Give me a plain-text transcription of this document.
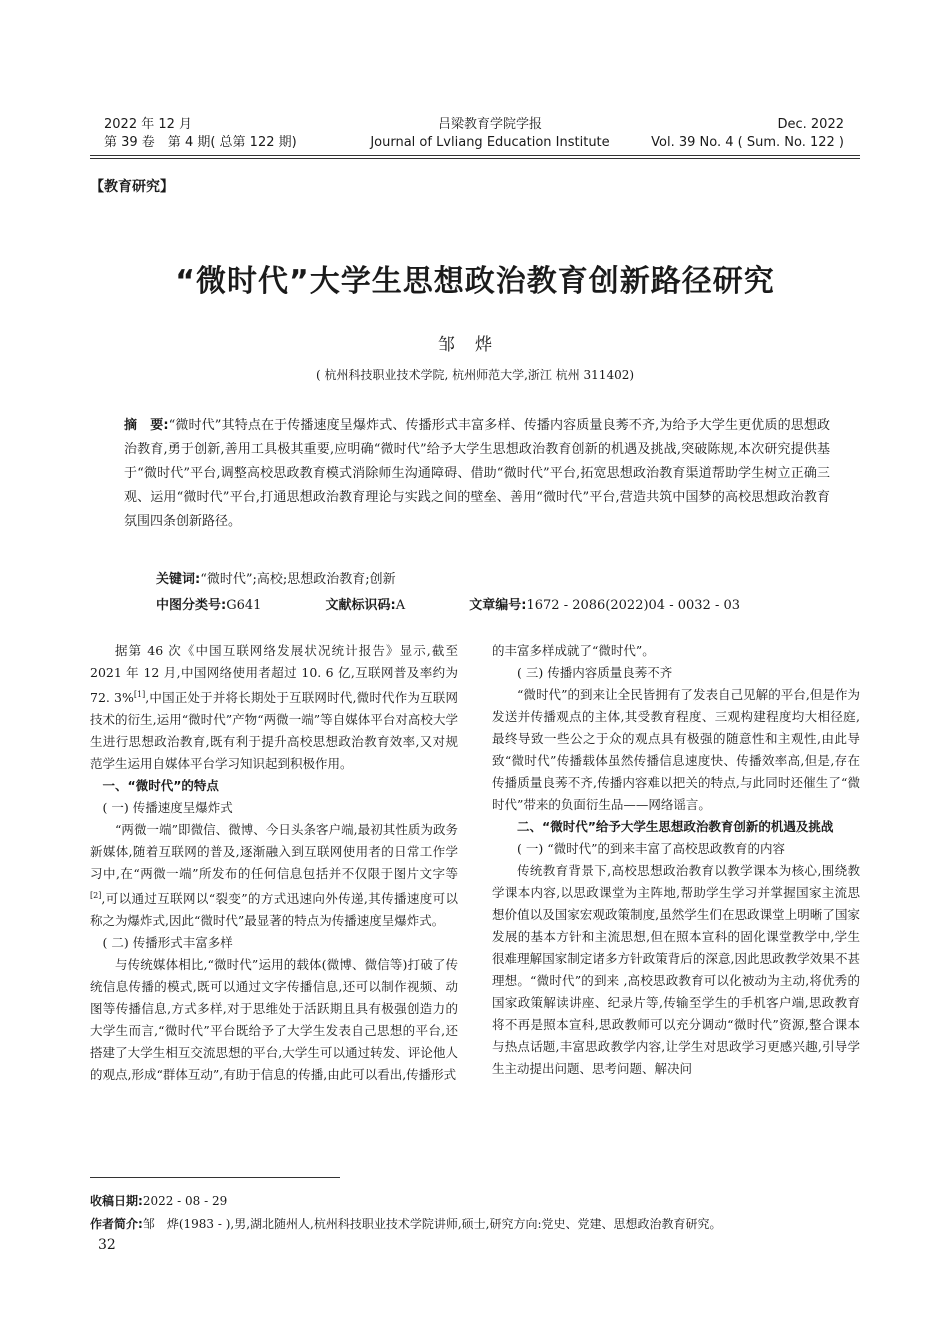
2022 年 12 月
第 39 卷　第 4 期( 总第 122 期)
吕梁教育学院学报
Journal of Lvliang Education Institute
Dec. 2022
Vol. 39 No. 4 ( Sum. No. 122 )
【教育研究】
“微时代”大学生思想政治教育创新路径研究
邹烨
( 杭州科技职业技术学院, 杭州师范大学,浙江 杭州 311402)
摘　要:“微时代”其特点在于传播速度呈爆炸式、传播形式丰富多样、传播内容质量良莠不齐,为给予大学生更优质的思想政治教育,勇于创新,善用工具极其重要,应明确“微时代”给予大学生思想政治教育创新的机遇及挑战,突破陈规,本次研究提供基于“微时代”平台,调整高校思政教育模式消除师生沟通障碍、借助“微时代”平台,拓宽思想政治教育渠道帮助学生树立正确三观、运用“微时代”平台,打通思想政治教育理论与实践之间的壁垒、善用“微时代”平台,营造共筑中国梦的高校思想政治教育氛围四条创新路径。
关键词:“微时代”;高校;思想政治教育;创新
中图分类号:G641	文献标识码:A	文章编号:1672 - 2086(2022)04 - 0032 - 03

据第 46 次《中国互联网络发展状况统计报告》显示,截至 2021 年 12 月,中国网络使用者超过 10. 6 亿,互联网普及率约为 72. 3%[1],中国正处于并将长期处于互联网时代,微时代作为互联网技术的衍生,运用“微时代”产物“两微一端”等自媒体平台对高校大学生进行思想政治教育,既有利于提升高校思想政治教育效率,又对规范学生运用自媒体平台学习知识起到积极作用。

一、“微时代”的特点

( 一) 传播速度呈爆炸式

“两微一端”即微信、微博、今日头条客户端,最初其性质为政务新媒体,随着互联网的普及,逐渐融入到互联网使用者的日常工作学习中,在“两微一端”所发布的任何信息包括并不仅限于图片文字等[2],可以通过互联网以“裂变”的方式迅速向外传递,其传播速度可以称之为爆炸式,因此“微时代”最显著的特点为传播速度呈爆炸式。

( 二) 传播形式丰富多样

与传统媒体相比,“微时代”运用的载体(微博、微信等)打破了传统信息传播的模式,既可以通过文字传播信息,还可以制作视频、动图等传播信息,方式多样,对于思维处于活跃期且具有极强创造力的大学生而言,“微时代”平台既给予了大学生发表自己思想的平台,还搭建了大学生相互交流思想的平台,大学生可以通过转发、评论他人的观点,形成“群体互动”,有助于信息的传播,由此可以看出,传播形式

的丰富多样成就了“微时代”。

( 三) 传播内容质量良莠不齐

“微时代”的到来让全民皆拥有了发表自己见解的平台,但是作为发送并传播观点的主体,其受教育程度、三观构建程度均大相径庭,最终导致一些公之于众的观点具有极强的随意性和主观性,由此导致“微时代”传播载体虽然传播信息速度快、传播效率高,但是,存在传播质量良莠不齐,传播内容难以把关的特点,与此同时还催生了“微时代”带来的负面衍生品——网络谣言。

二、“微时代”给予大学生思想政治教育创新的机遇及挑战

( 一) “微时代”的到来丰富了高校思政教育的内容

传统教育背景下,高校思想政治教育以教学课本为核心,围绕教学课本内容,以思政课堂为主阵地,帮助学生学习并掌握国家主流思想价值以及国家宏观政策制度,虽然学生们在思政课堂上明晰了国家发展的基本方针和主流思想,但在照本宣科的固化课堂教学中,学生很难理解国家制定诸多方针政策背后的深意,因此思政教学效果不甚理想。“微时代”的到来 ,高校思政教育可以化被动为主动,将优秀的国家政策解读讲座、纪录片等,传输至学生的手机客户端,思政教育将不再是照本宣科,思政教师可以充分调动“微时代”资源,整合课本与热点话题,丰富思政教学内容,让学生对思政学习更感兴趣,引导学生主动提出问题、思考问题、解决问

收稿日期:2022 - 08 - 29
作者简介:邹　烨(1983 - ),男,湖北随州人,杭州科技职业技术学院讲师,硕士,研究方向:党史、党建、思想政治教育研究。
32
